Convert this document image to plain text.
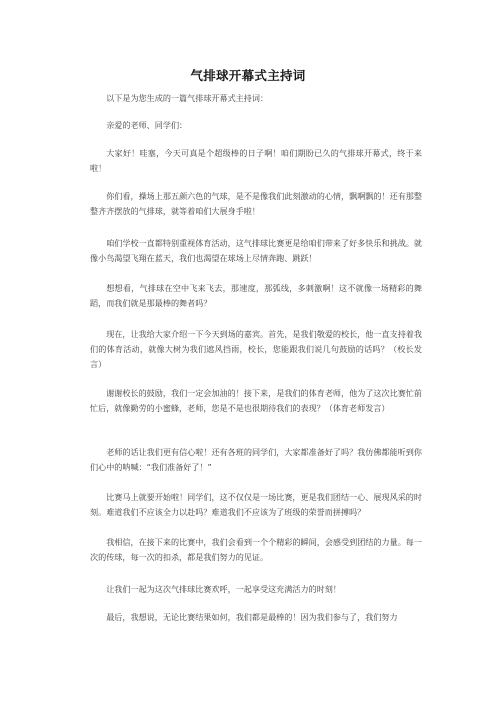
气排球开幕式主持词
以下是为您生成的一篇气排球开幕式主持词：
亲爱的老师、同学们：
大家好！哇塞，今天可真是个超级棒的日子啊！咱们期盼已久的气排球开幕式，终于来啦！
你们看，操场上那五颜六色的气球，是不是像我们此刻激动的心情，飘啊飘的！还有那整整齐齐摆放的气排球，就等着咱们大展身手啦！
咱们学校一直都特别重视体育活动，这气排球比赛更是给咱们带来了好多快乐和挑战。就像小鸟渴望飞翔在蓝天，我们也渴望在球场上尽情奔跑、跳跃！
想想看，气排球在空中飞来飞去，那速度，那弧线，多刺激啊！这不就像一场精彩的舞蹈，而我们就是那最棒的舞者吗？
现在，让我给大家介绍一下今天到场的嘉宾。首先，是我们敬爱的校长，他一直支持着我们的体育活动，就像大树为我们遮风挡雨，校长，您能跟我们说几句鼓励的话吗？（校长发言）
谢谢校长的鼓励，我们一定会加油的！接下来，是我们的体育老师，他为了这次比赛忙前忙后，就像勤劳的小蜜蜂，老师，您是不是也很期待我们的表现？（体育老师发言）
老师的话让我们更有信心啦！还有各班的同学们，大家都准备好了吗？我仿佛都能听到你们心中的呐喊：“我们准备好了！”
比赛马上就要开始啦！同学们，这不仅仅是一场比赛，更是我们团结一心、展现风采的时刻。难道我们不应该全力以赴吗？难道我们不应该为了班级的荣誉而拼搏吗？
我相信，在接下来的比赛中，我们会看到一个个精彩的瞬间，会感受到团结的力量。每一次的传球，每一次的扣杀，都是我们努力的见证。
让我们一起为这次气排球比赛欢呼，一起享受这充满活力的时刻！
最后，我想说，无论比赛结果如何，我们都是最棒的！因为我们参与了，我们努力
